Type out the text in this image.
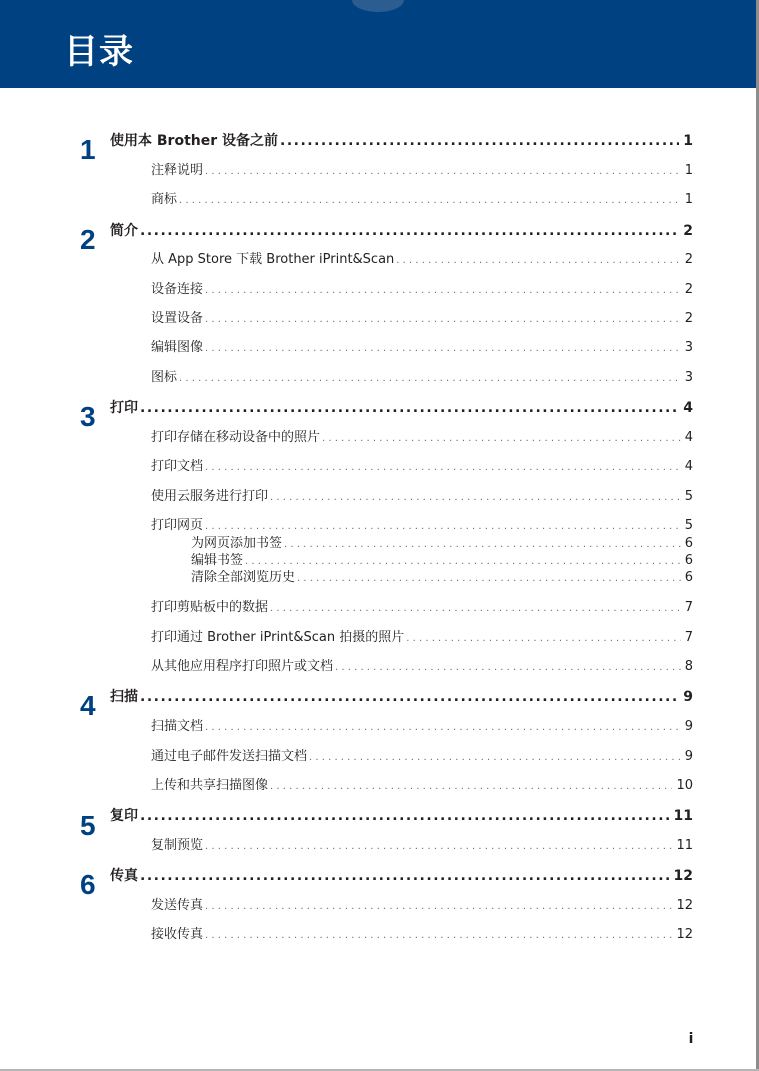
目录
1	使用本 Brother 设备之前 .....	1
注释说明 . . .	1
商标 . . .	1
2	简介 .....	2
从 App Store 下载 Brother iPrint&Scan . . .	2
设备连接 . . .	2
设置设备 . . .	2
编辑图像 . . .	3
图标 . . .	3
3	打印 .....	4
打印存储在移动设备中的照片 . . .	4
打印文档 . . .	4
使用云服务进行打印 . . .	5
打印网页 . . .	5
为网页添加书签 . . .	6
编辑书签 . . .	6
清除全部浏览历史 . . .	6
打印剪贴板中的数据 . . .	7
打印通过 Brother iPrint&Scan 拍摄的照片 . . .	7
从其他应用程序打印照片或文档 . . .	8
4	扫描 .....	9
扫描文档 . . .	9
通过电子邮件发送扫描文档 . . .	9
上传和共享扫描图像 . . .	10
5	复印 .....	11
复制预览 . . .	11
6	传真 .....	12
发送传真 . . .	12
接收传真 . . .	12
i
